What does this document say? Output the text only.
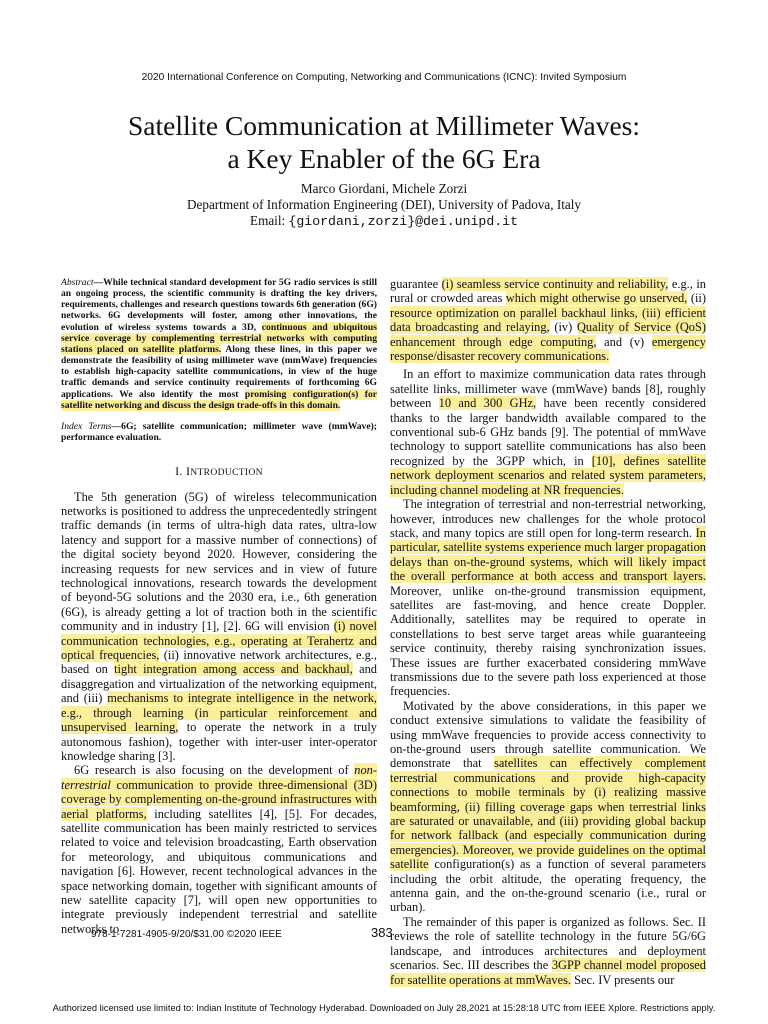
2020 International Conference on Computing, Networking and Communications (ICNC): Invited Symposium
Satellite Communication at Millimeter Waves:
a Key Enabler of the 6G Era
Marco Giordani, Michele Zorzi
Department of Information Engineering (DEI), University of Padova, Italy
Email: {giordani,zorzi}@dei.unipd.it
Abstract—While technical standard development for 5G radio services is still an ongoing process, the scientific community is drafting the key drivers, requirements, challenges and research questions towards 6th generation (6G) networks. 6G developments will foster, among other innovations, the evolution of wireless systems towards a 3D, continuous and ubiquitous service coverage by complementing terrestrial networks with computing stations placed on satellite platforms. Along these lines, in this paper we demonstrate the feasibility of using millimeter wave (mmWave) frequencies to establish high-capacity satellite communications, in view of the huge traffic demands and service continuity requirements of forthcoming 6G applications. We also identify the most promising configuration(s) for satellite networking and discuss the design trade-offs in this domain.
Index Terms—6G; satellite communication; millimeter wave (mmWave); performance evaluation.
I. INTRODUCTION

The 5th generation (5G) of wireless telecommunication networks is positioned to address the unprecedentedly stringent traffic demands (in terms of ultra-high data rates, ultra-low latency and support for a massive number of connections) of the digital society beyond 2020. However, considering the increasing requests for new services and in view of future technological innovations, research towards the development of beyond-5G solutions and the 2030 era, i.e., 6th generation (6G), is already getting a lot of traction both in the scientific community and in industry [1], [2]. 6G will envision (i) novel communication technologies, e.g., operating at Terahertz and optical frequencies, (ii) innovative network architectures, e.g., based on tight integration among access and backhaul, and disaggregation and virtualization of the networking equipment, and (iii) mechanisms to integrate intelligence in the network, e.g., through learning (in particular reinforcement and unsupervised learning, to operate the network in a truly autonomous fashion), together with inter-user inter-operator knowledge sharing [3].

6G research is also focusing on the development of non-terrestrial communication to provide three-dimensional (3D) coverage by complementing on-the-ground infrastructures with aerial platforms, including satellites [4], [5]. For decades, satellite communication has been mainly restricted to services related to voice and television broadcasting, Earth observation for meteorology, and ubiquitous communications and navigation [6]. However, recent technological advances in the space networking domain, together with significant amounts of new satellite capacity [7], will open new opportunities to integrate previously independent terrestrial and satellite networks to

guarantee (i) seamless service continuity and reliability, e.g., in rural or crowded areas which might otherwise go unserved, (ii) resource optimization on parallel backhaul links, (iii) efficient data broadcasting and relaying, (iv) Quality of Service (QoS) enhancement through edge computing, and (v) emergency response/disaster recovery communications.

In an effort to maximize communication data rates through satellite links, millimeter wave (mmWave) bands [8], roughly between 10 and 300 GHz, have been recently considered thanks to the larger bandwidth available compared to the conventional sub-6 GHz bands [9]. The potential of mmWave technology to support satellite communications has also been recognized by the 3GPP which, in [10], defines satellite network deployment scenarios and related system parameters, including channel modeling at NR frequencies.

The integration of terrestrial and non-terrestrial networking, however, introduces new challenges for the whole protocol stack, and many topics are still open for long-term research. In particular, satellite systems experience much larger propagation delays than on-the-ground systems, which will likely impact the overall performance at both access and transport layers. Moreover, unlike on-the-ground transmission equipment, satellites are fast-moving, and hence create Doppler. Additionally, satellites may be required to operate in constellations to best serve target areas while guaranteeing service continuity, thereby raising synchronization issues. These issues are further exacerbated considering mmWave transmissions due to the severe path loss experienced at those frequencies.

Motivated by the above considerations, in this paper we conduct extensive simulations to validate the feasibility of using mmWave frequencies to provide access connectivity to on-the-ground users through satellite communication. We demonstrate that satellites can effectively complement terrestrial communications and provide high-capacity connections to mobile terminals by (i) realizing massive beamforming, (ii) filling coverage gaps when terrestrial links are saturated or unavailable, and (iii) providing global backup for network fallback (and especially communication during emergencies). Moreover, we provide guidelines on the optimal satellite configuration(s) as a function of several parameters including the orbit altitude, the operating frequency, the antenna gain, and the on-the-ground scenario (i.e., rural or urban).

The remainder of this paper is organized as follows. Sec. II reviews the role of satellite technology in the future 5G/6G landscape, and introduces architectures and deployment scenarios. Sec. III describes the 3GPP channel model proposed for satellite operations at mmWaves. Sec. IV presents our

978-1-7281-4905-9/20/$31.00 ©2020 IEEE	383
Authorized licensed use limited to: Indian Institute of Technology Hyderabad. Downloaded on July 28,2021 at 15:28:18 UTC from IEEE Xplore. Restrictions apply.
